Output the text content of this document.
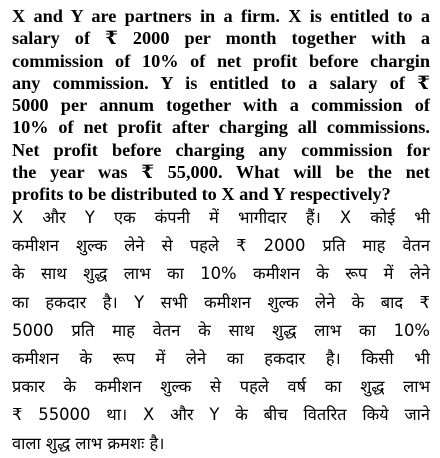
X and Y are partners in a firm. X is entitled to a
salary of ₹ 2000 per month together with a
commission of 10% of net profit before chargin
any commission. Y is entitled to a salary of ₹
5000 per annum together with a commission of
10% of net profit after charging all commissions.
Net profit before charging any commission for
the year was ₹ 55,000. What will be the net
profits to be distributed to X and Y respectively?
X और Y एक कंपनी में भागीदार हैं। X कोई भी
कमीशन शुल्क लेने से पहले ₹ 2000 प्रति माह वेतन
के साथ शुद्ध लाभ का 10% कमीशन के रूप में लेने
का हकदार है। Y सभी कमीशन शुल्क लेने के बाद ₹
5000 प्रति माह वेतन के साथ शुद्ध लाभ का 10%
कमीशन के रूप में लेने का हकदार है। किसी भी
प्रकार के कमीशन शुल्क से पहले वर्ष का शुद्ध लाभ
₹ 55000 था। X और Y के बीच वितरित किये जाने
वाला शुद्ध लाभ क्रमशः है।
